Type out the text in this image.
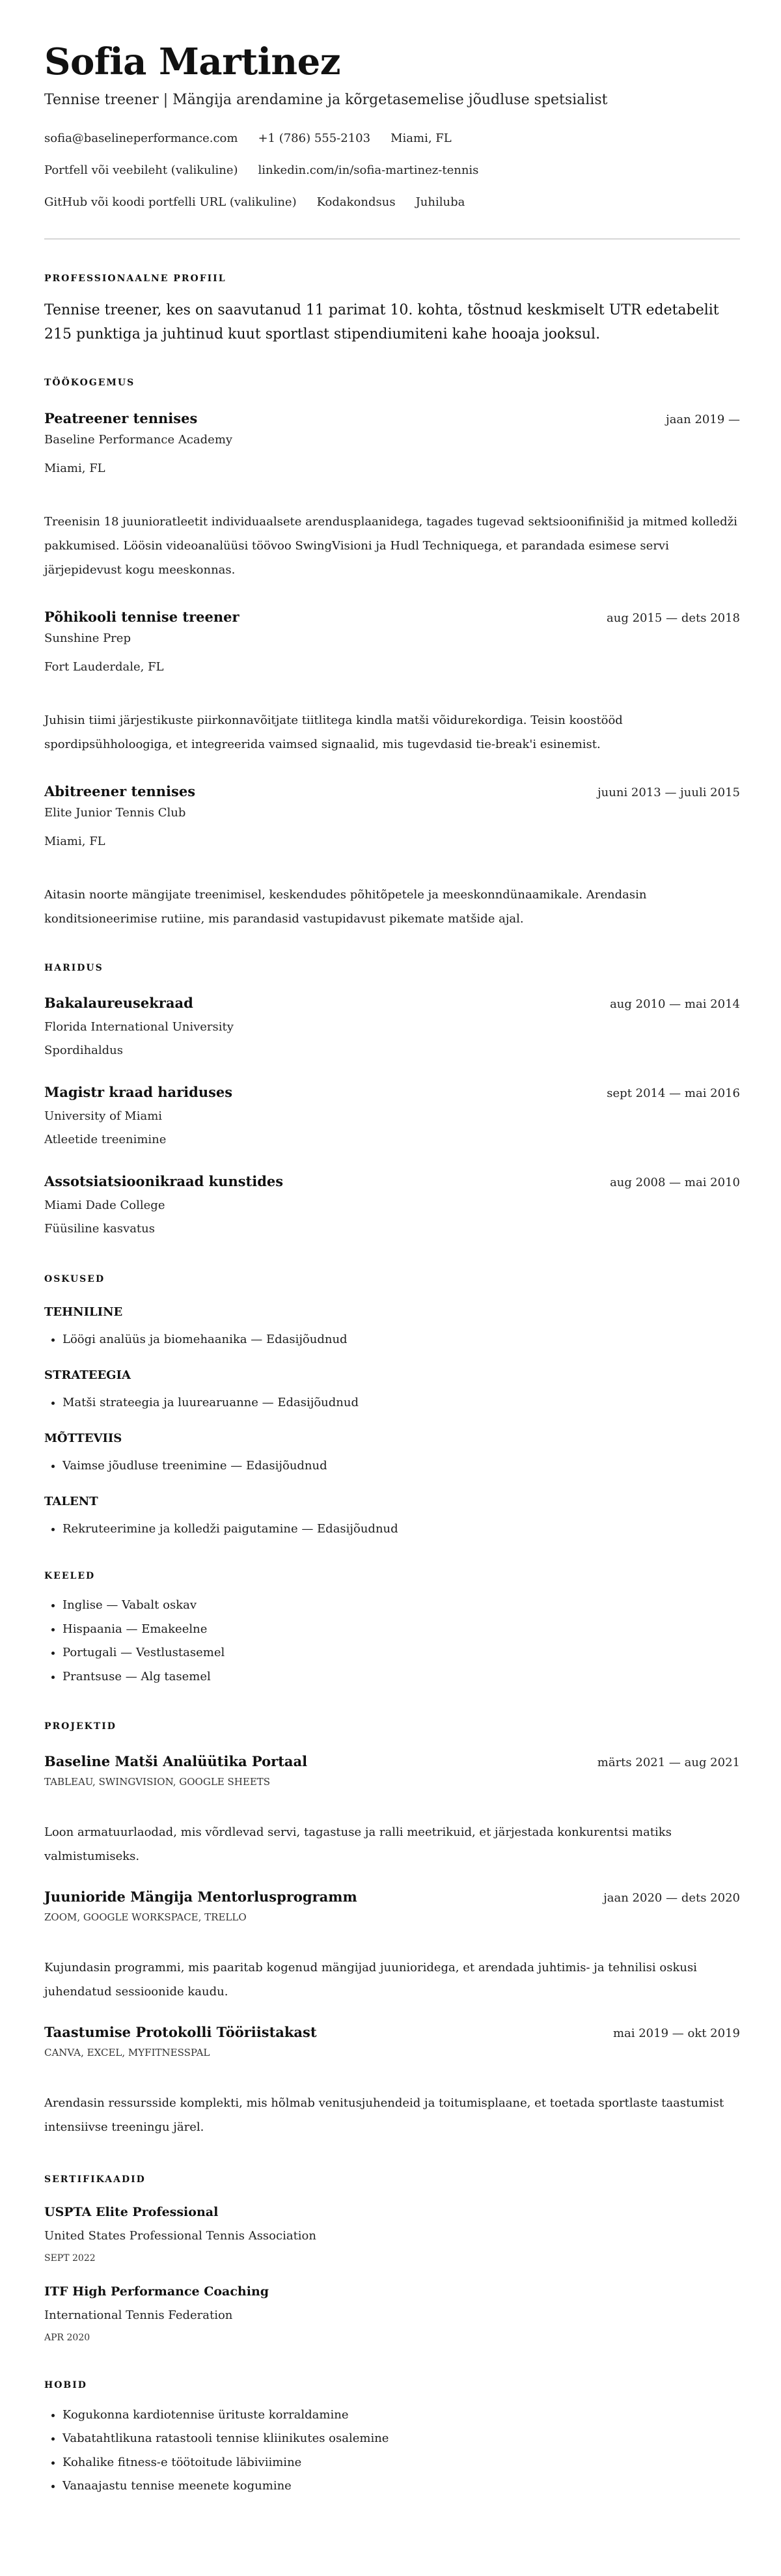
Sofia Martinez
Tennise treener | Mängija arendamine ja kõrgetasemelise jõudluse spetsialist
sofia@baselineperformance.com +1 (786) 555-2103 Miami, FL
Portfell või veebileht (valikuline) linkedin.com/in/sofia-martinez-tennis
GitHub või koodi portfelli URL (valikuline) Kodakondsus Juhiluba
PROFESSIONAALNE PROFIIL

Tennise treener, kes on saavutanud 11 parimat 10. kohta, tõstnud keskmiselt UTR edetabelit 215 punktiga ja juhtinud kuut sportlast stipendiumiteni kahe hooaja jooksul.

TÖÖKOGEMUS
Peatreener tennises	jaan 2019 —
Baseline Performance Academy
Miami, FL
Treenisin 18 juunioratleetit individuaalsete arendusplaanidega, tagades tugevad sektsioonifinišid ja mitmed kolledži pakkumised. Löösin videoanalüüsi töövoo SwingVisioni ja Hudl Techniquega, et parandada esimese servi järjepidevust kogu meeskonnas.
Põhikooli tennise treener	aug 2015 — dets 2018
Sunshine Prep
Fort Lauderdale, FL
Juhisin tiimi järjestikuste piirkonnavõitjate tiitlitega kindla matši võidurekordiga. Teisin koostööd spordipsühholoogiga, et integreerida vaimsed signaalid, mis tugevdasid tie-break'i esinemist.
Abitreener tennises	juuni 2013 — juuli 2015
Elite Junior Tennis Club
Miami, FL
Aitasin noorte mängijate treenimisel, keskendudes põhitõpetele ja meeskonndünaamikale. Arendasin konditsioneerimise rutiine, mis parandasid vastupidavust pikemate matšide ajal.
HARIDUS
Bakalaureusekraad	aug 2010 — mai 2014
Florida International University
Spordihaldus
Magistr kraad hariduses	sept 2014 — mai 2016
University of Miami
Atleetide treenimine
Assotsiatsioonikraad kunstides	aug 2008 — mai 2010
Miami Dade College
Füüsiline kasvatus
OSKUSED
TEHNILINE
• Löögi analüüs ja biomehaanika — Edasijõudnud
STRATEEGIA
• Matši strateegia ja luurearuanne — Edasijõudnud
MÕTTEVIIS
• Vaimse jõudluse treenimine — Edasijõudnud
TALENT
• Rekruteerimine ja kolledži paigutamine — Edasijõudnud
KEELED
• Inglise — Vabalt oskav
• Hispaania — Emakeelne
• Portugali — Vestlustasemel
• Prantsuse — Alg tasemel
PROJEKTID
Baseline Matši Analüütika Portaal	märts 2021 — aug 2021
TABLEAU, SWINGVISION, GOOGLE SHEETS
Loon armatuurlaodad, mis võrdlevad servi, tagastuse ja ralli meetrikuid, et järjestada konkurentsi matiks valmistumiseks.
Juunioride Mängija Mentorlusprogramm	jaan 2020 — dets 2020
ZOOM, GOOGLE WORKSPACE, TRELLO
Kujundasin programmi, mis paaritab kogenud mängijad juunioridega, et arendada juhtimis- ja tehnilisi oskusi juhendatud sessioonide kaudu.
Taastumise Protokolli Tööriistakast	mai 2019 — okt 2019
CANVA, EXCEL, MYFITNESSPAL
Arendasin ressursside komplekti, mis hõlmab venitusjuhendeid ja toitumisplaane, et toetada sportlaste taastumist intensiivse treeningu järel.
SERTIFIKAADID
USPTA Elite Professional
United States Professional Tennis Association
SEPT 2022
ITF High Performance Coaching
International Tennis Federation
APR 2020
HOBID
• Kogukonna kardiotennise ürituste korraldamine
• Vabatahtlikuna ratastooli tennise kliinikutes osalemine
• Kohalike fitness-e töötoitude läbiviimine
• Vanaajastu tennise meenete kogumine
